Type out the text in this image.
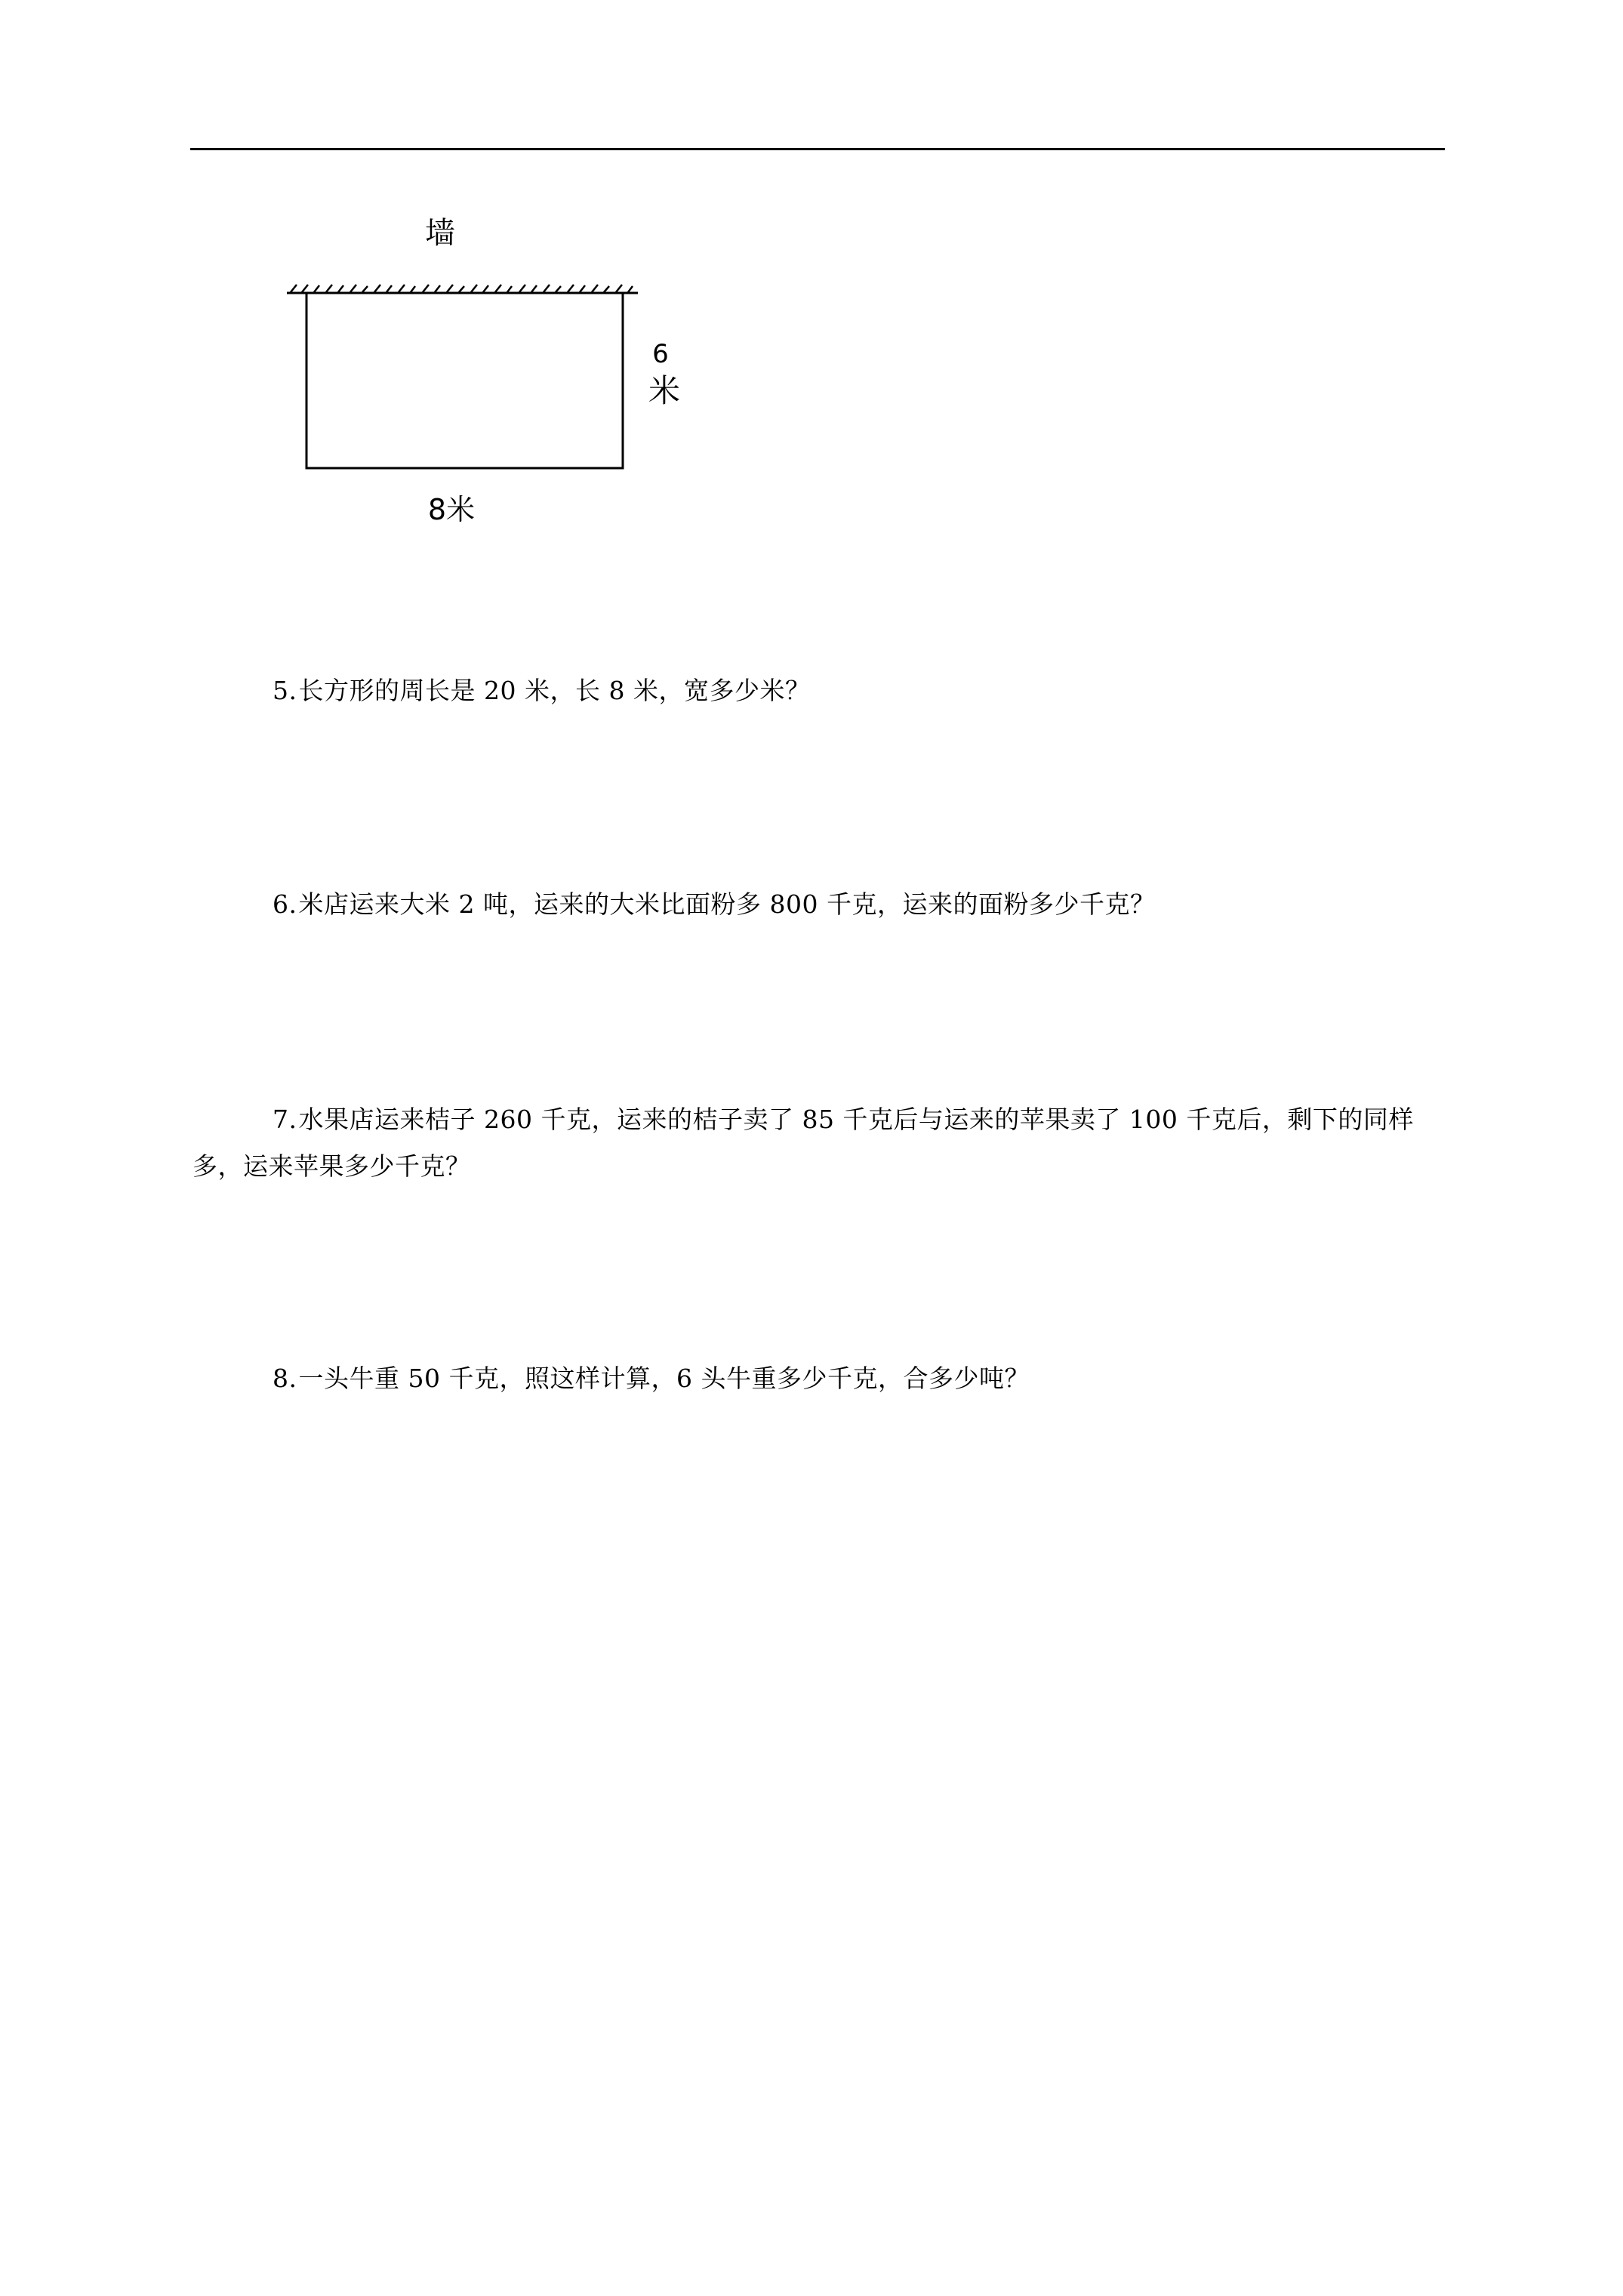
墙
6
米
8米

5.长方形的周长是 20 米，长 8 米，宽多少米？

6.米店运来大米 2 吨，运来的大米比面粉多 800 千克，运来的面粉多少千克？

7.水果店运来桔子 260 千克，运来的桔子卖了 85 千克后与运来的苹果卖了 100 千克后，剩下的同样多，运来苹果多少千克？

8.一头牛重 50 千克，照这样计算，6 头牛重多少千克，合多少吨？
